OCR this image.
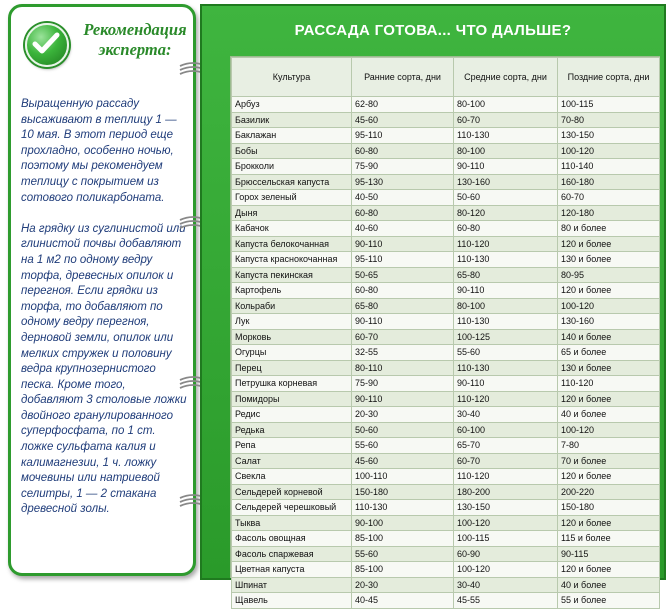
Рекомендация эксперта:
Выращенную рассаду высаживают в теплицу 1 — 10 мая. В этот период еще прохладно, особенно ночью, поэтому мы рекомендуем теплицу с покрытием из сотового поликарбоната.

На грядку из суглинистой или глинистой почвы добавляют на 1 м2 по одному ведру торфа, древесных опилок и перегноя. Если грядки из торфа, то добавляют по одному ведру перегноя, дерновой земли, опилок или мелких стружек и половину ведра крупнозернистого песка. Кроме того, добавляют 3 столовые ложки двойного гранулированного суперфосфата, по 1 ст. ложке сульфата калия и калимагнезии, 1 ч. ложку мочевины или натриевой селитры, 1 — 2 стакана древесной золы.
РАССАДА ГОТОВА... ЧТО ДАЛЬШЕ?
Культура	Ранние сорта, дни	Средние сорта, дни	Поздние сорта, дни
Арбуз	62-80	80-100	100-115
Базилик	45-60	60-70	70-80
Баклажан	95-110	110-130	130-150
Бобы	60-80	80-100	100-120
Брокколи	75-90	90-110	110-140
Брюссельская капуста	95-130	130-160	160-180
Горох зеленый	40-50	50-60	60-70
Дыня	60-80	80-120	120-180
Кабачок	40-60	60-80	80 и более
Капуста белокочанная	90-110	110-120	120 и более
Капуста краснокочанная	95-110	110-130	130 и более
Капуста пекинская	50-65	65-80	80-95
Картофель	60-80	90-110	120 и более
Кольраби	65-80	80-100	100-120
Лук	90-110	110-130	130-160
Морковь	60-70	100-125	140 и более
Огурцы	32-55	55-60	65 и более
Перец	80-110	110-130	130 и более
Петрушка корневая	75-90	90-110	110-120
Помидоры	90-110	110-120	120 и более
Редис	20-30	30-40	40 и более
Редька	50-60	60-100	100-120
Репа	55-60	65-70	7-80
Салат	45-60	60-70	70 и более
Свекла	100-110	110-120	120 и более
Сельдерей корневой	150-180	180-200	200-220
Сельдерей черешковый	110-130	130-150	150-180
Тыква	90-100	100-120	120 и более
Фасоль овощная	85-100	100-115	115 и более
Фасоль спаржевая	55-60	60-90	90-115
Цветная капуста	85-100	100-120	120 и более
Шпинат	20-30	30-40	40 и более
Щавель	40-45	45-55	55 и более
